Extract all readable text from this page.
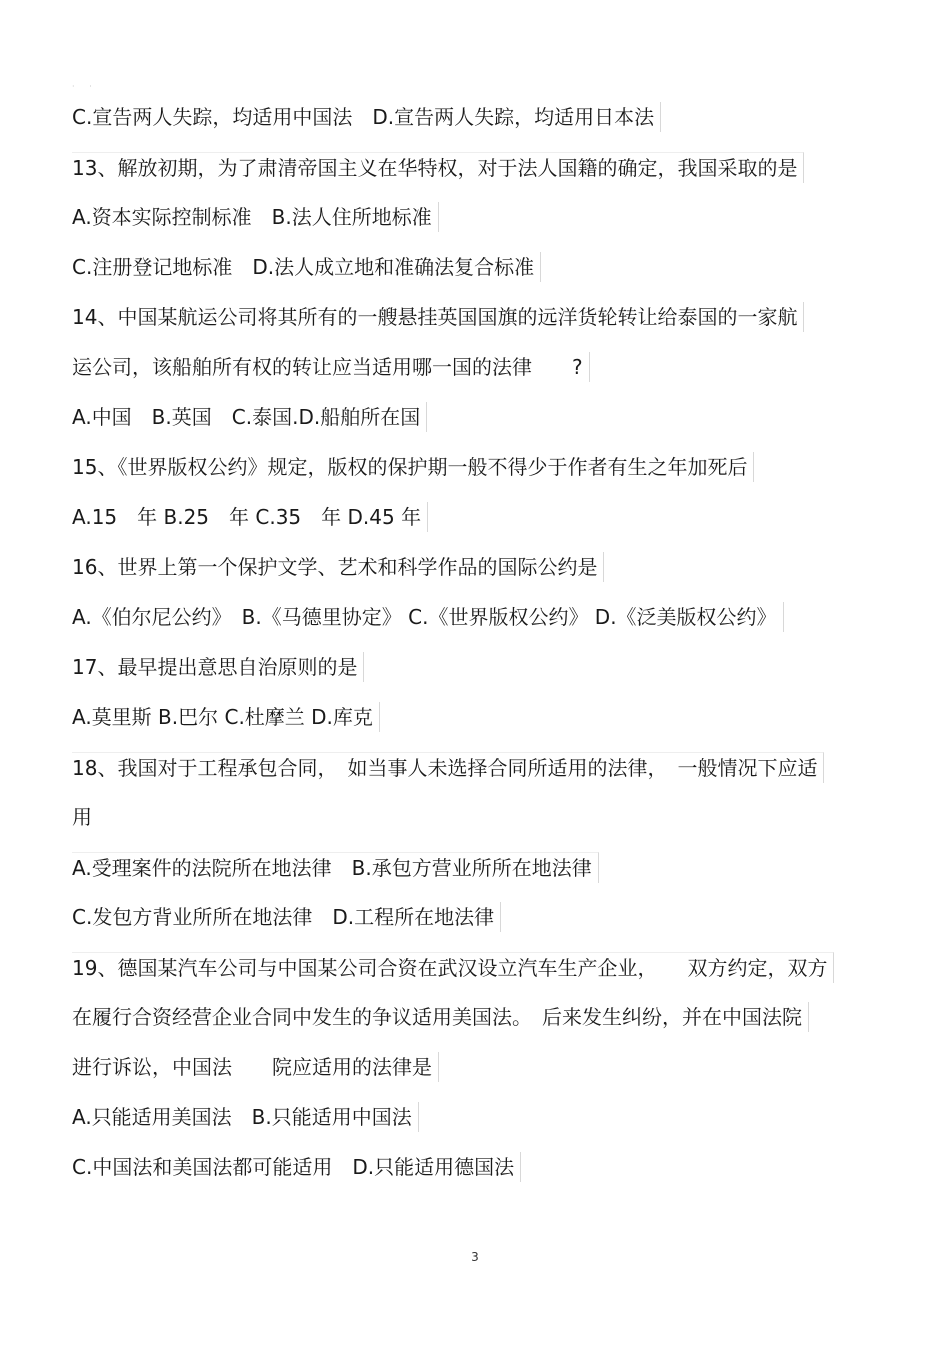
· ·
C.宣告两人失踪，均适用中国法　D.宣告两人失踪，均适用日本法
13、解放初期，为了肃清帝国主义在华特权，对于法人国籍的确定，我国采取的是
A.资本实际控制标准　B.法人住所地标准
C.注册登记地标准　D.法人成立地和准确法复合标准
14、中国某航运公司将其所有的一艘悬挂英国国旗的远洋货轮转让给泰国的一家航
运公司，该船舶所有权的转让应当适用哪一国的法律　　?
A.中国　B.英国　C.泰国.D.船舶所在国
15、《世界版权公约》规定，版权的保护期一般不得少于作者有生之年加死后
A.15　年 B.25　年 C.35　年 D.45 年
16、世界上第一个保护文学、艺术和科学作品的国际公约是
A.《伯尔尼公约》　B.《马德里协定》 C.《世界版权公约》 D.《泛美版权公约》
17、最早提出意思自治原则的是
A.莫里斯 B.巴尔 C.杜摩兰 D.库克
18、我国对于工程承包合同，　如当事人未选择合同所适用的法律，　一般情况下应适
用
A.受理案件的法院所在地法律　B.承包方营业所所在地法律
C.发包方背业所所在地法律　D.工程所在地法律
19、德国某汽车公司与中国某公司合资在武汉设立汽车生产企业，　　双方约定，双方
在履行合资经营企业合同中发生的争议适用美国法。　后来发生纠纷，并在中国法院
进行诉讼，中国法　　院应适用的法律是
A.只能适用美国法　B.只能适用中国法
C.中国法和美国法都可能适用　D.只能适用德国法
3
